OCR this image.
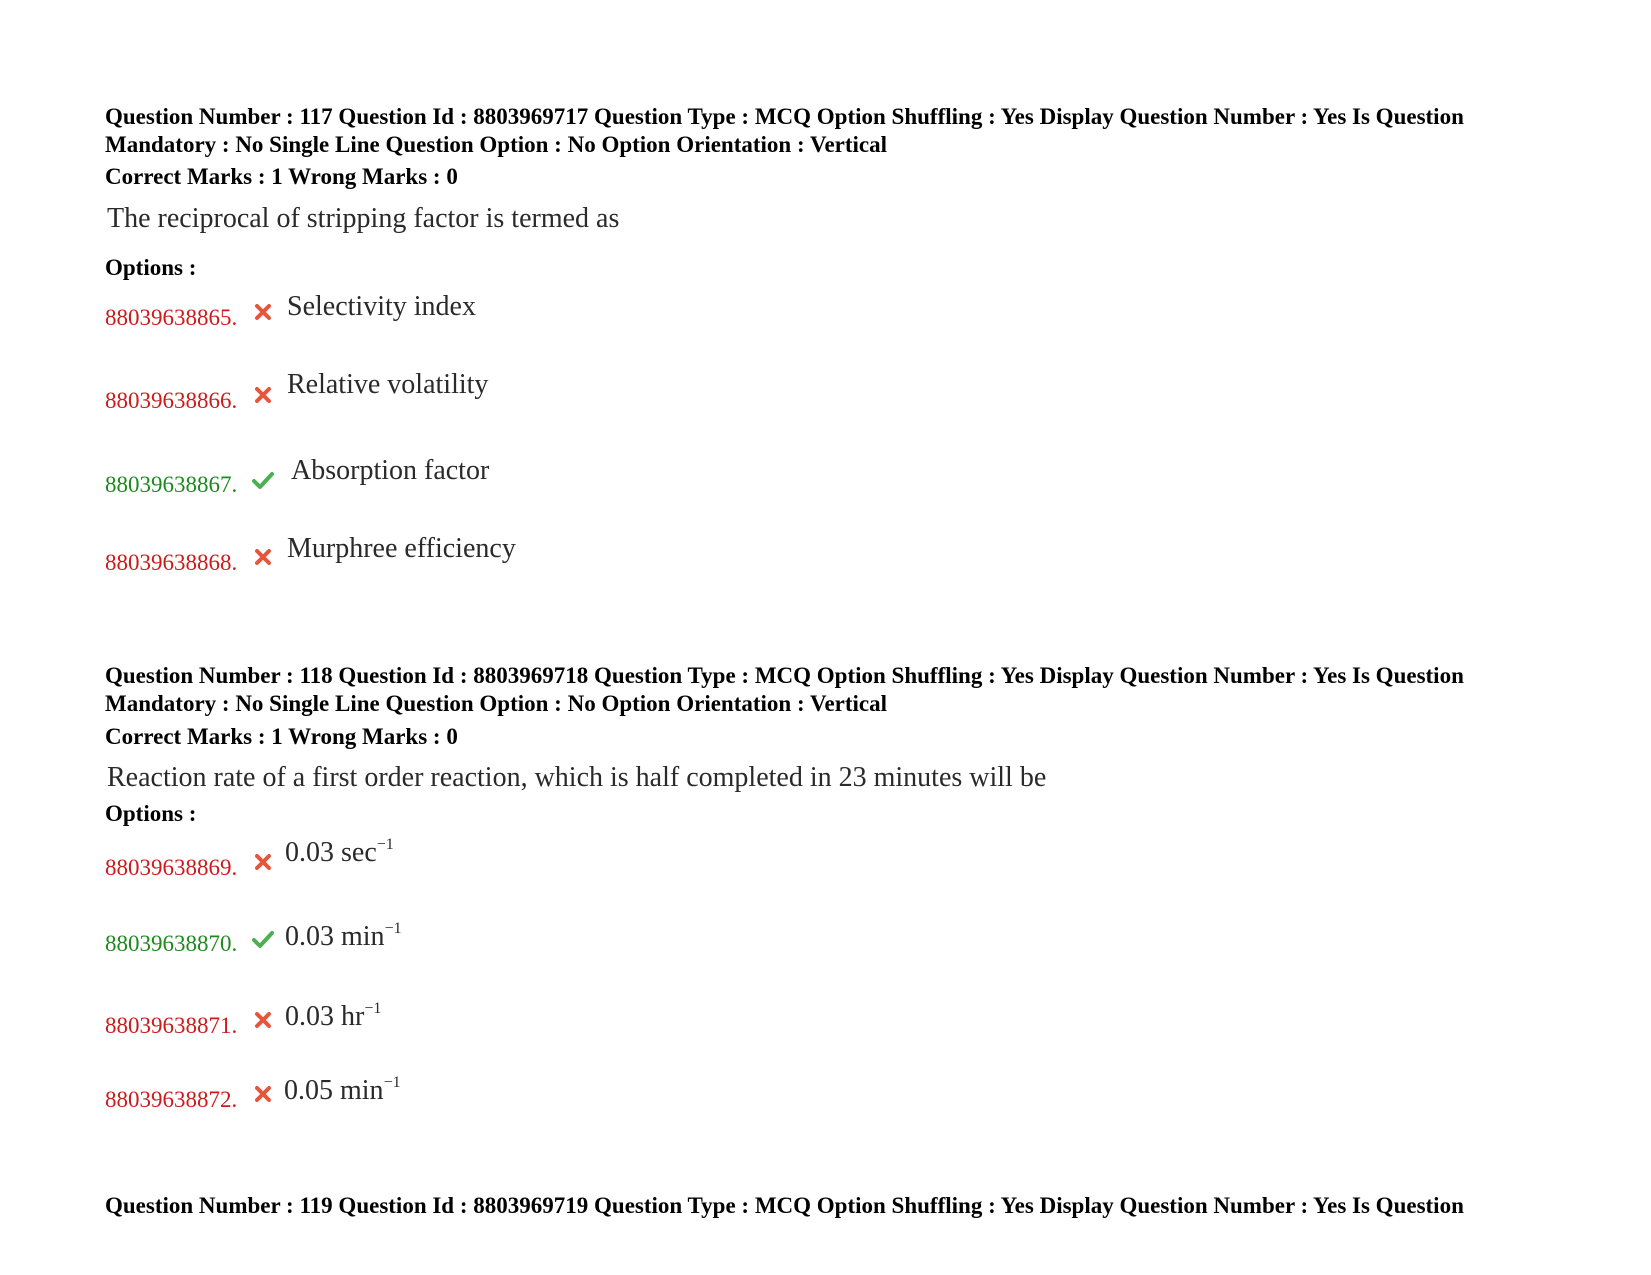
Question Number : 117 Question Id : 8803969717 Question Type : MCQ Option Shuffling : Yes Display Question Number : Yes Is Question
Mandatory : No Single Line Question Option : No Option Orientation : Vertical
Correct Marks : 1 Wrong Marks : 0
The reciprocal of stripping factor is termed as
Options :
88039638865. Selectivity index
88039638866.
Relative volatility
88039638867. Absorption factor
88039638868. Murphree efficiency
Question Number : 118 Question Id : 8803969718 Question Type : MCQ Option Shuffling : Yes Display Question Number : Yes Is Question
Mandatory : No Single Line Question Option : No Option Orientation : Vertical
Correct Marks : 1 Wrong Marks : 0
Reaction rate of a first order reaction, which is half completed in 23 minutes will be
Options :
88039638869. 0.03 $\sec^{-1}$
88039638870. 0.03 $\min^{-1}$
88039638871. 0.03 $hr^{-1}$
88039638872. 0.05 $\min^{-1}$
Question Number : 119 Question Id : 8803969719 Question Type : MCQ Option Shuffling : Yes Display Question Number : Yes Is Question
